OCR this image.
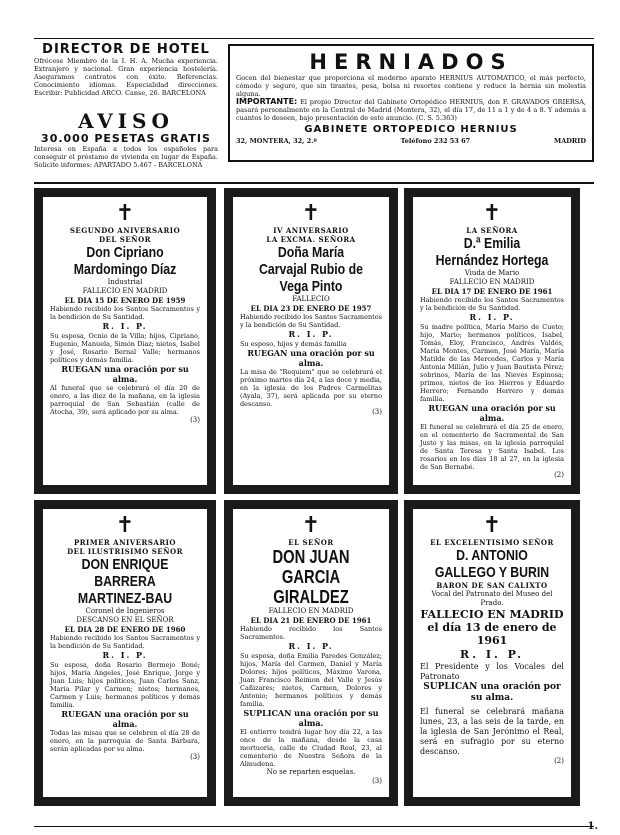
DIRECTOR DE HOTEL
Ofrécese Miembro de la I. H. A. Mucha experiencia. Extranjero y nacional. Gran experiencia hostelería. Aseguramos contratos con éxito. Referencias. Conocimiento idiomas. Especialidad direcciones. Escribir: Publicidad ARCO. Canse, 26. BARCELONA
AVISO
30.000 PESETAS GRATIS
Interesa en España a todos los españoles para conseguir el préstamo de vivienda en lugar de España. Solicite informes: APARTADO 5.467 - BARCELONA
HERNIADOS
Gocen del bienestar que proporciona el moderno aparato HERNIUS AUTOMATICO, el más perfecto, cómodo y seguro, que sin tirantes, pesa, bolsa ni resortes contiene y reduce la hernia sin molestia alguna.
IMPORTANTE: El propio Director del Gabinete Ortopédico HERNIUS, don F. GRAVADOS GRIERSA, pasará personalmente en la Central de Madrid (Montera, 32), el día 17, de 11 a 1 y de 4 a 8. Y además a cuantos lo deseen, bajo presentación de este anuncio. (C. S. 5.363)
GABINETE ORTOPEDICO HERNIUS
32, MONTERA, 32, 2.º	Teléfono 232 53 67	MADRID
✝
SEGUNDO ANIVERSARIO
DEL SEÑOR
Don Cipriano Mardomingo Díaz
Industrial
FALLECIO EN MADRID
EL DIA 15 DE ENERO DE 1959
Habiendo recibido los Santos Sacramentos y la bendición de Su Santidad.
R. I. P.
Su esposa, Ocnio de la Villa; hijos, Cipriano, Eugenio, Manuela, Simón Díaz; nietos, Isabel y José, Rosario Bernal Valle; hermanos políticos y demás familia.
RUEGAN una oración por su alma.
Al funeral que se celebrará el día 20 de enero, a las diez de la mañana, en la iglesia parroquial de San Sebastián (calle de Atocha, 39), será aplicado por su alma.
(3)
✝
IV ANIVERSARIO
LA EXCMA. SEÑORA
Doña María Carvajal Rubio de Vega Pinto
FALLECIO
EL DIA 23 DE ENERO DE 1957
Habiendo recibido los Santos Sacramentos y la bendición de Su Santidad.
R. I. P.
Su esposo, hijos y demás familia
RUEGAN una oración por su alma.
La misa de "Requiem" que se celebrará el próximo martes día 24, a las doce y media, en la iglesia de los Padres Carmelitas (Ayala, 37), será aplicada por su eterno descanso.
(3)
✝
LA SEÑORA
D.ª Emilia Hernández Hortega
Viuda de Mario
FALLECIO EN MADRID
EL DIA 17 DE ENERO DE 1961
Habiendo recibido los Santos Sacramentos y la bendición de Su Santidad.
R. I. P.
Su madre política, María Mario de Cueto; hijo, Mario; hermanos políticos, Isabel, Tomás, Eloy, Francisco, Andrés Valdés, María Montes, Carmen, José María, María Matilde de las Mercedes, Carlos y María Antonia Milián, Julio y Juan Bautista Pérez; sobrinos, María de las Nieves Espinosa; primos, nietos de los Hierros y Eduardo Herrero; Fernando Herrero y demás familia.
RUEGAN una oración por su alma.
El funeral se celebrará el día 25 de enero, en el cementerio de Sacramental de San Justo y las misas, en la iglesia parroquial de Santa Teresa y Santa Isabel. Los rosarios en los días 18 al 27, en la iglesia de San Bernabé.
(2)
✝
PRIMER ANIVERSARIO
DEL ILUSTRISIMO SEÑOR
DON ENRIQUE BARRERA MARTINEZ-BAU
Coronel de Ingenieros
DESCANSO EN EL SEÑOR
EL DIA 28 DE ENERO DE 1960
Habiendo recibido los Santos Sacramentos y la bendición de Su Santidad.
R. I. P.
Su esposa, doña Rosario Bermejo Boné; hijos, María Angeles, José Enrique, Jorge y Juan Luis; hijos políticos, Juan Carlos Sanz, María Pilar y Carmen; nietos; hermanos, Carmen y Luis; hermanos políticos y demás familia.
RUEGAN una oración por su alma.
Todas las misas que se celebren el día 28 de enero, en la parroquia de Santa Bárbara, serán aplicadas por su alma.
(3)
✝
EL SEÑOR
DON JUAN GARCIA GIRALDEZ
FALLECIO EN MADRID
EL DIA 21 DE ENERO DE 1961
Habiendo recibido los Santos Sacramentos.
R. I. P.
Su esposa, doña Emilia Paredes González; hijos, María del Carmen, Daniel y María Dolores; hijos políticos, Máximo Varona, Juan Francisco Reimon del Valle y Jesús Cañizares; nietos, Carmen, Dolores y Antonio; hermanos políticos y demás familia.
SUPLICAN una oración por su alma.
El entierro tendrá lugar hoy día 22, a las once de la mañana, desde la casa mortuoria, calle de Ciudad Real, 23, al cementerio de Nuestra Señora de la Almudena.
No se reparten esquelas.
(3)
✝
EL EXCELENTISIMO SEÑOR
D. ANTONIO GALLEGO Y BURIN
BARON DE SAN CALIXTO
Vocal del Patronato del Museo del Prado.
FALLECIO EN MADRID
el día 13 de enero de 1961
R. I. P.
El Presidente y los Vocales del Patronato
SUPLICAN una oración por su alma.
El funeral se celebrará mañana lunes, 23, a las seis de la tarde, en la iglesia de San Jerónimo el Real, será en sufragio por su eterno descanso.
(2)
1.
